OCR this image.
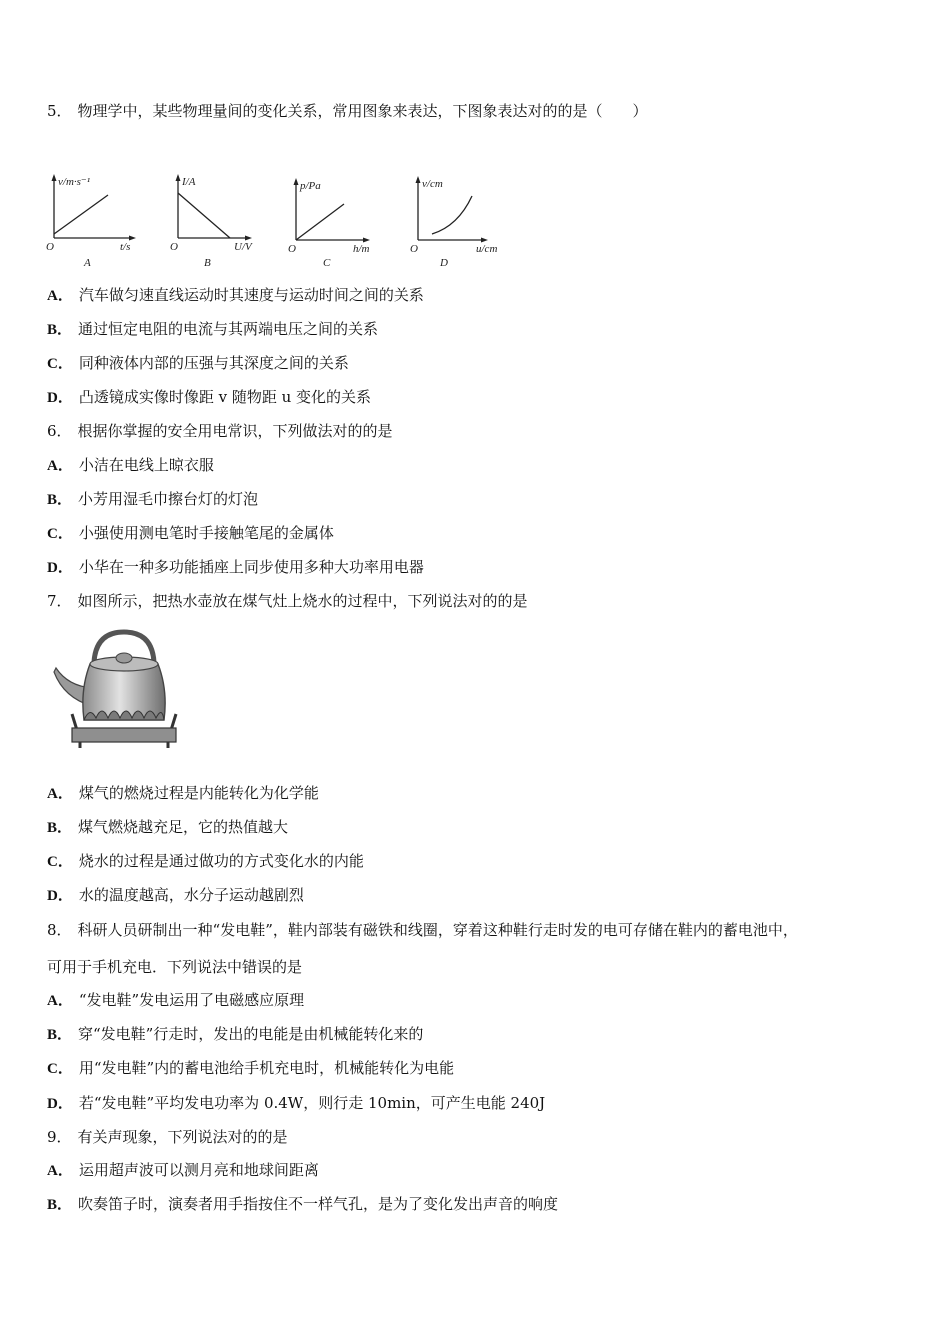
5． 物理学中，某些物理量间的变化关系，常用图象来表达，下图象表达对的的是（　　）
v/m·s⁻¹
t/s
O
A
I/A
U/V
O
B
p/Pa
h/m
O
C
v/cm
u/cm
O
D
A． 汽车做匀速直线运动时其速度与运动时间之间的关系
B． 通过恒定电阻的电流与其两端电压之间的关系
C． 同种液体内部的压强与其深度之间的关系
D． 凸透镜成实像时像距 v 随物距 u 变化的关系
6． 根据你掌握的安全用电常识，下列做法对的的是
A． 小洁在电线上晾衣服
B． 小芳用湿毛巾擦台灯的灯泡
C． 小强使用测电笔时手接触笔尾的金属体
D． 小华在一种多功能插座上同步使用多种大功率用电器
7． 如图所示，把热水壶放在煤气灶上烧水的过程中，下列说法对的的是
A． 煤气的燃烧过程是内能转化为化学能
B． 煤气燃烧越充足，它的热值越大
C． 烧水的过程是通过做功的方式变化水的内能
D． 水的温度越高，水分子运动越剧烈
8． 科研人员研制出一种“发电鞋”，鞋内部装有磁铁和线圈，穿着这种鞋行走时发的电可存储在鞋内的蓄电池中，
可用于手机充电．下列说法中错误的是
A． “发电鞋”发电运用了电磁感应原理
B． 穿“发电鞋”行走时，发出的电能是由机械能转化来的
C． 用“发电鞋”内的蓄电池给手机充电时，机械能转化为电能
D． 若“发电鞋”平均发电功率为 0.4W，则行走 10min，可产生电能 240J
9． 有关声现象，下列说法对的的是
A． 运用超声波可以测月亮和地球间距离
B． 吹奏笛子时，演奏者用手指按住不一样气孔，是为了变化发出声音的响度
